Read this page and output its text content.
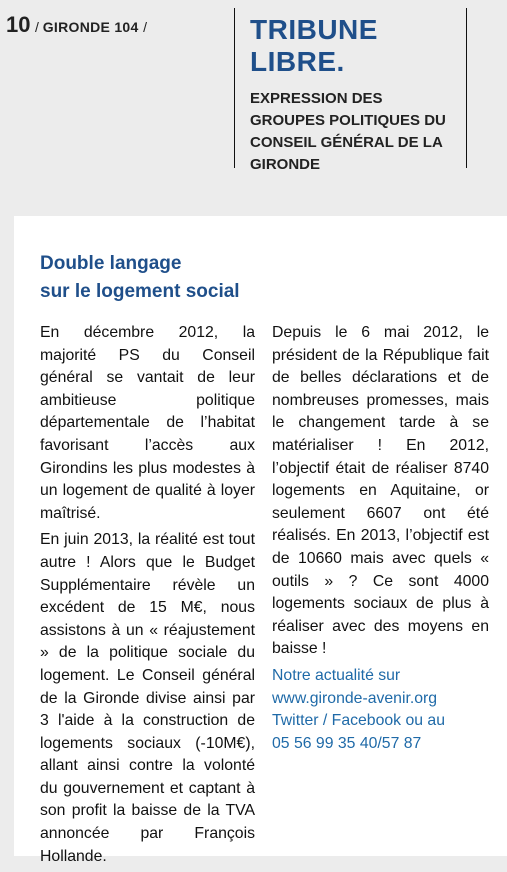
10 / GIRONDE 104 /	TRIBUNE
LIBRE.
EXPRESSION DES GROUPES POLITIQUES DU CONSEIL GÉNÉRAL DE LA GIRONDE
Double langage
sur le logement social

En décembre 2012, la majorité PS du Conseil général se vantait de leur ambitieuse politique départementale de l’habitat favorisant l’accès aux Girondins les plus modestes à un logement de qualité à loyer maîtrisé.

En juin 2013, la réalité est tout autre ! Alors que le Budget Supplémentaire révèle un excédent de 15 M€, nous assistons à un « réajustement » de la politique sociale du logement. Le Conseil général de la Gironde divise ainsi par 3 l'aide à la construction de logements sociaux (-10M€), allant ainsi contre la volonté du gouvernement et captant à son profit la baisse de la TVA annoncée par François Hollande.

Depuis le 6 mai 2012, le président de la République fait de belles déclarations et de nombreuses promesses, mais le changement tarde à se matérialiser ! En 2012, l’objectif était de réaliser 8740 logements en Aquitaine, or seulement 6607 ont été réalisés. En 2013, l’objectif est de 10660 mais avec quels « outils » ? Ce sont 4000 logements sociaux de plus à réaliser avec des moyens en baisse !

Notre actualité sur
www.gironde-avenir.org
Twitter / Facebook ou au
05 56 99 35 40/57 87
